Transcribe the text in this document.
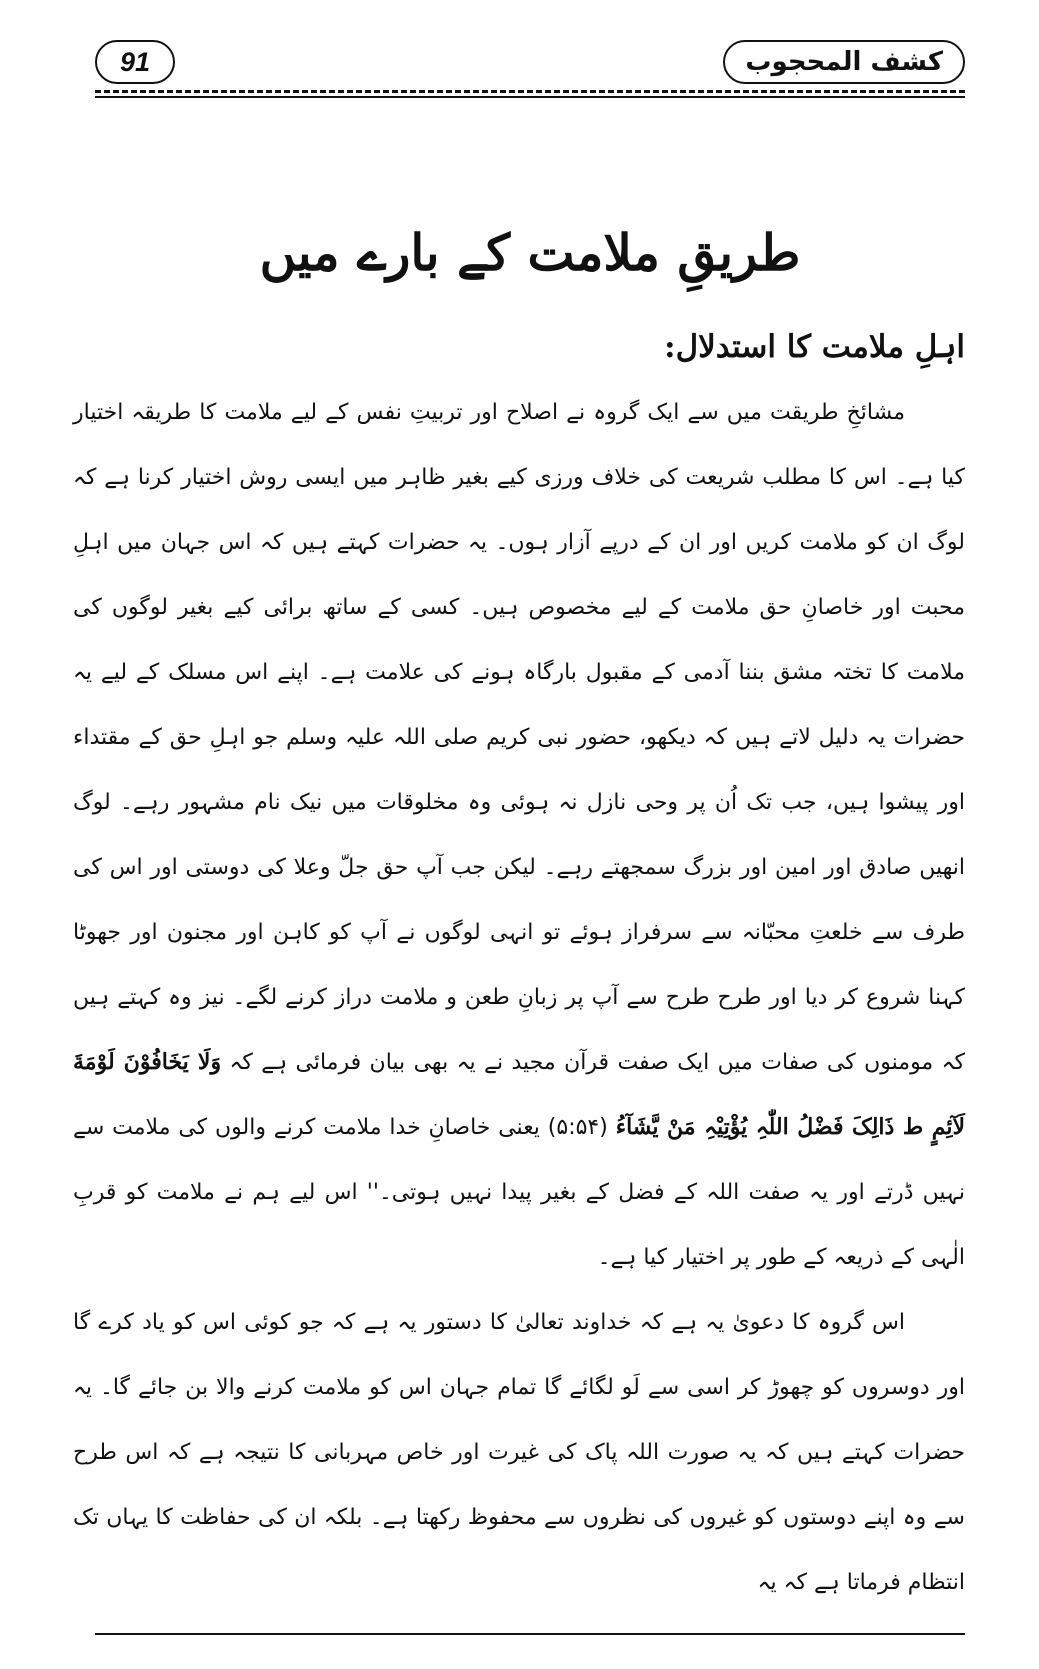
91	كشف المحجوب
طریقِ ملامت کے بارے میں
اہلِ ملامت کا استدلال:

مشائخِ طریقت میں سے ایک گروہ نے اصلاح اور تربیتِ نفس کے لیے ملامت کا طریقہ اختیار کیا ہے۔ اس کا مطلب شریعت کی خلاف ورزی کیے بغیر ظاہر میں ایسی روش اختیار کرنا ہے کہ لوگ ان کو ملامت کریں اور ان کے درپے آزار ہوں۔ یہ حضرات کہتے ہیں کہ اس جہان میں اہلِ محبت اور خاصانِ حق ملامت کے لیے مخصوص ہیں۔ کسی کے ساتھ برائی کیے بغیر لوگوں کی ملامت کا تختہ مشق بننا آدمی کے مقبول بارگاہ ہونے کی علامت ہے۔ اپنے اس مسلک کے لیے یہ حضرات یہ دلیل لاتے ہیں کہ دیکھو، حضور نبی کریم صلی اللہ علیہ وسلم جو اہلِ حق کے مقتداء اور پیشوا ہیں، جب تک اُن پر وحی نازل نہ ہوئی وہ مخلوقات میں نیک نام مشہور رہے۔ لوگ انھیں صادق اور امین اور بزرگ سمجھتے رہے۔ لیکن جب آپ حق جلّ وعلا کی دوستی اور اس کی طرف سے خلعتِ محبّانہ سے سرفراز ہوئے تو انہی لوگوں نے آپ کو کاہن اور مجنون اور جھوٹا کہنا شروع کر دیا اور طرح طرح سے آپ پر زبانِ طعن و ملامت دراز کرنے لگے۔ نیز وہ کہتے ہیں کہ مومنوں کی صفات میں ایک صفت قرآن مجید نے یہ بھی بیان فرمائی ہے کہ وَلَا یَخَافُوْنَ لَوْمَةَ لَآئِمٍ ط ذَالِکَ فَضْلُ اللّٰہِ یُؤْتِیْہِ مَنْ یَّشَآءُ (۵:۵۴) یعنی خاصانِ خدا ملامت کرنے والوں کی ملامت سے نہیں ڈرتے اور یہ صفت اللہ کے فضل کے بغیر پیدا نہیں ہوتی۔'' اس لیے ہم نے ملامت کو قربِ الٰہی کے ذریعہ کے طور پر اختیار کیا ہے۔

اس گروہ کا دعویٰ یہ ہے کہ خداوند تعالیٰ کا دستور یہ ہے کہ جو کوئی اس کو یاد کرے گا اور دوسروں کو چھوڑ کر اسی سے لَو لگائے گا تمام جہان اس کو ملامت کرنے والا بن جائے گا۔ یہ حضرات کہتے ہیں کہ یہ صورت اللہ پاک کی غیرت اور خاص مہربانی کا نتیجہ ہے کہ اس طرح سے وہ اپنے دوستوں کو غیروں کی نظروں سے محفوظ رکھتا ہے۔ بلکہ ان کی حفاظت کا یہاں تک انتظام فرماتا ہے کہ یہ
